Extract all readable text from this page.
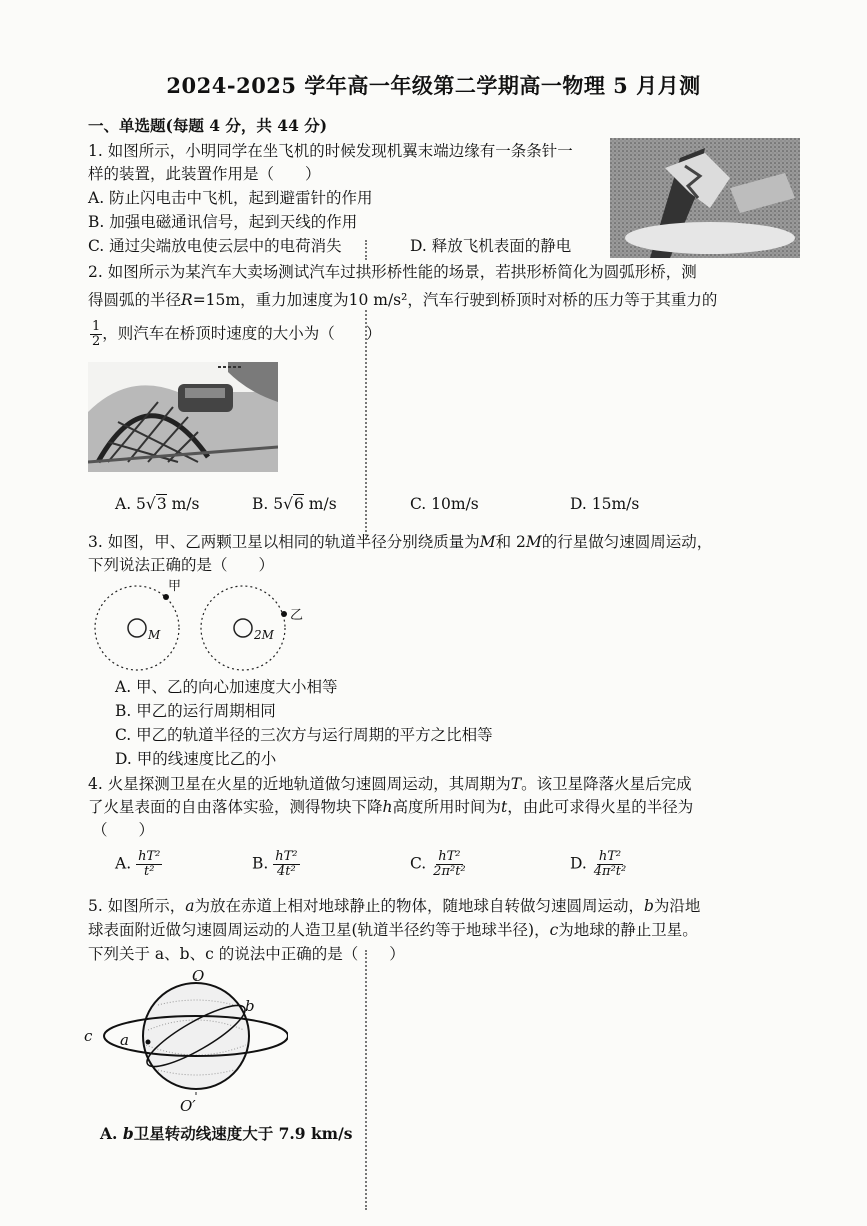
2024-2025 学年高一年级第二学期高一物理 5 月月测
一、单选题(每题 4 分，共 44 分)
1. 如图所示，小明同学在坐飞机的时候发现机翼末端边缘有一条条针一
样的装置，此装置作用是（　　）
A. 防止闪电击中飞机，起到避雷针的作用
B. 加强电磁通讯信号，起到天线的作用
C. 通过尖端放电使云层中的电荷消失	D. 释放飞机表面的静电
2. 如图所示为某汽车大卖场测试汽车过拱形桥性能的场景，若拱形桥简化为圆弧形桥，测
得圆弧的半径R=15m，重力加速度为10 m/s²，汽车行驶到桥顶时对桥的压力等于其重力的
$\frac{1}{2}$ ，则汽车在桥顶时速度的大小为（　　）
A. 5√3 m/s	B. 5√6 m/s	C. 10m/s	D. 15m/s
3. 如图，甲、乙两颗卫星以相同的轨道半径分别绕质量为M和 2M的行星做匀速圆周运动，
下列说法正确的是（　　）
甲
乙
M	2M
A. 甲、乙的向心加速度大小相等
B. 甲乙的运行周期相同
C. 甲乙的轨道半径的三次方与运行周期的平方之比相等
D. 甲的线速度比乙的小
4. 火星探测卫星在火星的近地轨道做匀速圆周运动，其周期为T。该卫星降落火星后完成
了火星表面的自由落体实验，测得物块下降h高度所用时间为t，由此可求得火星的半径为
（　　）
A. $\frac{\text{hT²}}{\text{t²}}$	B. $\frac{\text{hT²}}{\text{4t²}}$	C. $\frac{\text{hT²}}{\text{2π²t²}}$	D. $\frac{\text{hT²}}{\text{4π²t²}}$
5. 如图所示，a为放在赤道上相对地球静止的物体，随地球自转做匀速圆周运动，b为沿地
球表面附近做匀速圆周运动的人造卫星(轨道半径约等于地球半径)，c为地球的静止卫星。
下列关于 a、b、c 的说法中正确的是（　　）
O
O′
b
a
c
A. b卫星转动线速度大于 7.9 km/s
